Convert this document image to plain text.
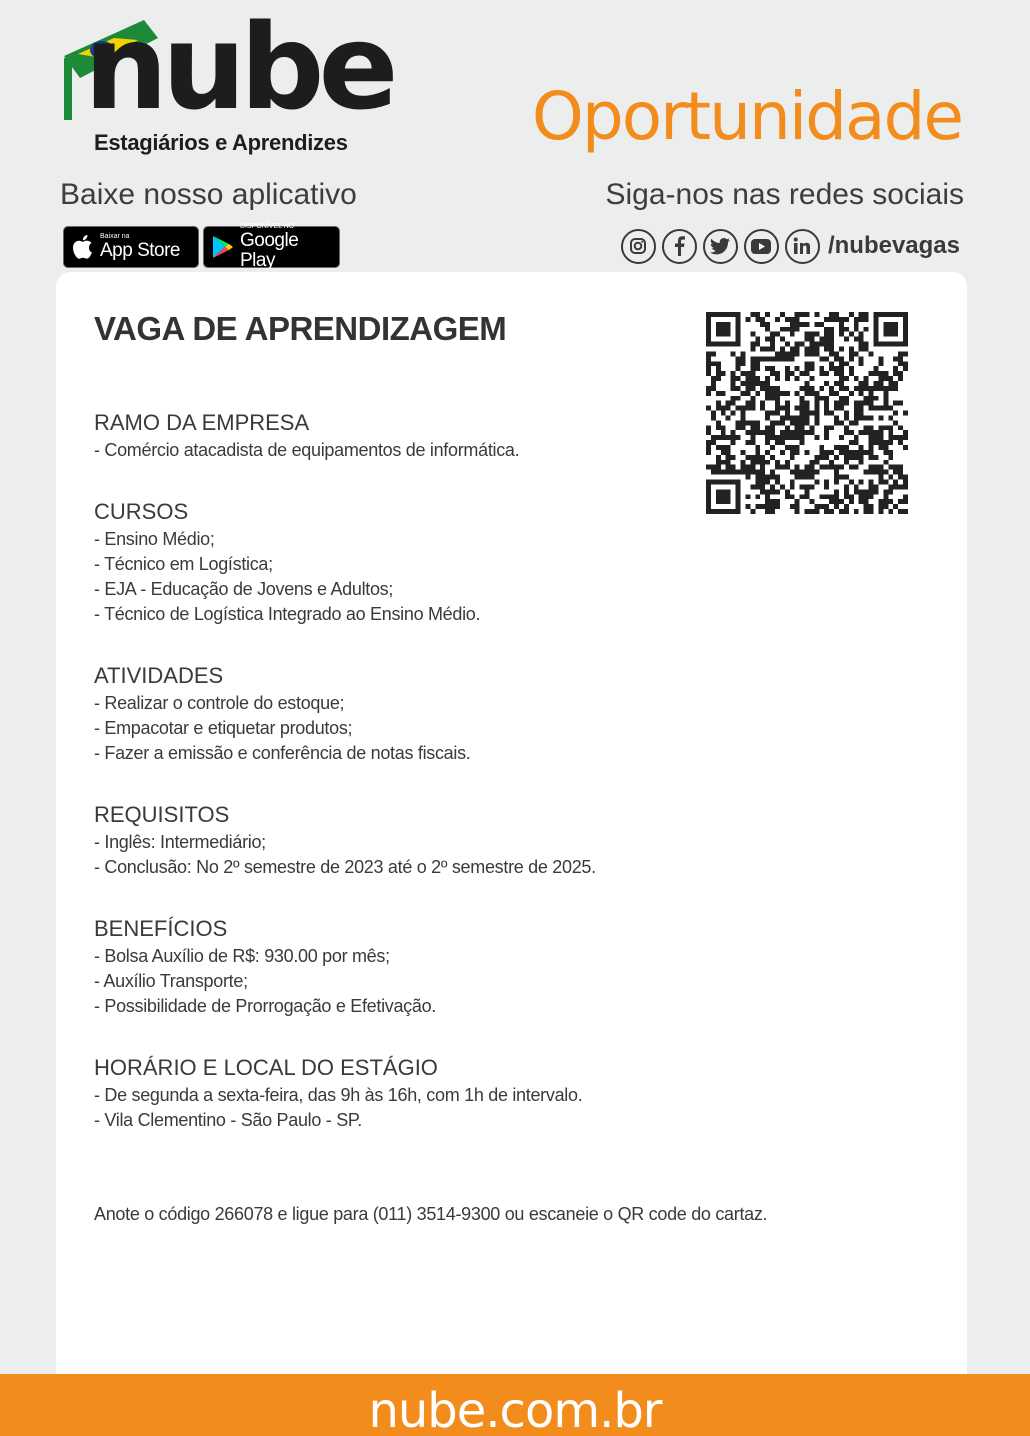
nube
Estagiários e Aprendizes	Oportunidade
Baixe nosso aplicativo	Siga-nos nas redes sociais
Baixar na
App Store
DISPONÍVEL NO
Google Play
/nubevagas
VAGA DE APRENDIZAGEM
RAMO DA EMPRESA
- Comércio atacadista de equipamentos de informática.
CURSOS
- Ensino Médio;
- Técnico em Logística;
- EJA - Educação de Jovens e Adultos;
- Técnico de Logística Integrado ao Ensino Médio.
ATIVIDADES
- Realizar o controle do estoque;
- Empacotar e etiquetar produtos;
- Fazer a emissão e conferência de notas fiscais.
REQUISITOS
- Inglês: Intermediário;
- Conclusão: No 2º semestre de 2023 até o 2º semestre de 2025.
BENEFÍCIOS
- Bolsa Auxílio de R$: 930.00 por mês;
- Auxílio Transporte;
- Possibilidade de Prorrogação e Efetivação.
HORÁRIO E LOCAL DO ESTÁGIO
- De segunda a sexta-feira, das 9h às 16h, com 1h de intervalo.
- Vila Clementino - São Paulo - SP.
Anote o código 266078 e ligue para (011) 3514-9300 ou escaneie o QR code do cartaz.
nube.com.br
